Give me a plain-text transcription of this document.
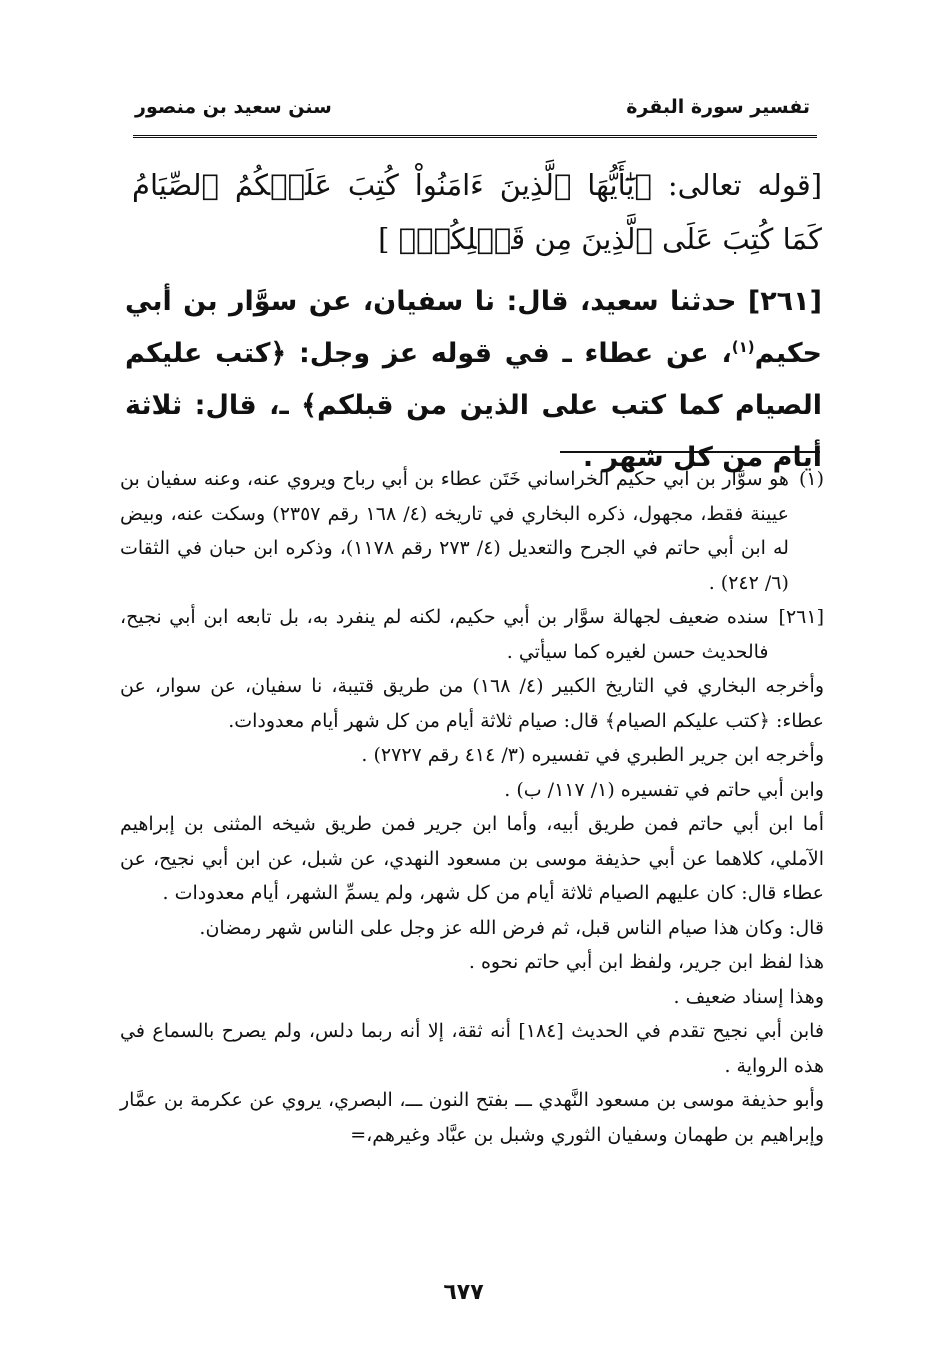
تفسير سورة البقرة
سنن سعيد بن منصور
[قوله تعالى: ﴿يَٰٓأَيُّهَا ٱلَّذِينَ ءَامَنُواْ كُتِبَ عَلَيۡكُمُ ٱلصِّيَامُ كَمَا كُتِبَ عَلَى ٱلَّذِينَ مِن قَبۡلِكُمۡ﴾ ]
[٢٦١] حدثنا سعيد، قال: نا سفيان، عن سوَّار بن أبي حكيم$^{(١)}$، عن عطاء ـ في قوله عز وجل: ﴿كتب عليكم الصيام كما كتب على الذين من قبلكم﴾ ـ، قال: ثلاثة أيام من كل شهر .
(١)
هو سوَّار بن أبي حكيم الخراساني خَتَن عطاء بن أبي رباح ويروي عنه، وعنه سفيان بن عيينة فقط، مجهول، ذكره البخاري في تاريخه (٤/ ١٦٨ رقم ٢٣٥٧) وسكت عنه، وبيض له ابن أبي حاتم في الجرح والتعديل (٤/ ٢٧٣ رقم ١١٧٨)، وذكره ابن حبان في الثقات (٦/ ٢٤٢) .
[٢٦١]
سنده ضعيف لجهالة سوَّار بن أبي حكيم، لكنه لم ينفرد به، بل تابعه ابن أبي نجيح، فالحديث حسن لغيره كما سيأتي .

وأخرجه البخاري في التاريخ الكبير (٤/ ١٦٨) من طريق قتيبة، نا سفيان، عن سوار، عن عطاء: ﴿كتب عليكم الصيام﴾ قال: صيام ثلاثة أيام من كل شهر أيام معدودات.

وأخرجه ابن جرير الطبري في تفسيره (٣/ ٤١٤ رقم ٢٧٢٧) .

وابن أبي حاتم في تفسيره (١/ ١١٧/ ب) .

أما ابن أبي حاتم فمن طريق أبيه، وأما ابن جرير فمن طريق شيخه المثنى بن إبراهيم الآملي، كلاهما عن أبي حذيفة موسى بن مسعود النهدي، عن شبل، عن ابن أبي نجيح، عن عطاء قال: كان عليهم الصيام ثلاثة أيام من كل شهر، ولم يسمِّ الشهر، أيام معدودات .

قال: وكان هذا صيام الناس قبل، ثم فرض الله عز وجل على الناس شهر رمضان.

هذا لفظ ابن جرير، ولفظ ابن أبي حاتم نحوه .

وهذا إسناد ضعيف .

فابن أبي نجيح تقدم في الحديث [١٨٤] أنه ثقة، إلا أنه ربما دلس، ولم يصرح بالسماع في هذه الرواية .

وأبو حذيفة موسى بن مسعود النَّهدي ـــ بفتح النون ـــ، البصري، يروي عن عكرمة بن عمَّار وإبراهيم بن طهمان وسفيان الثوري وشبل بن عبَّاد وغيرهم،=

٦٧٧
